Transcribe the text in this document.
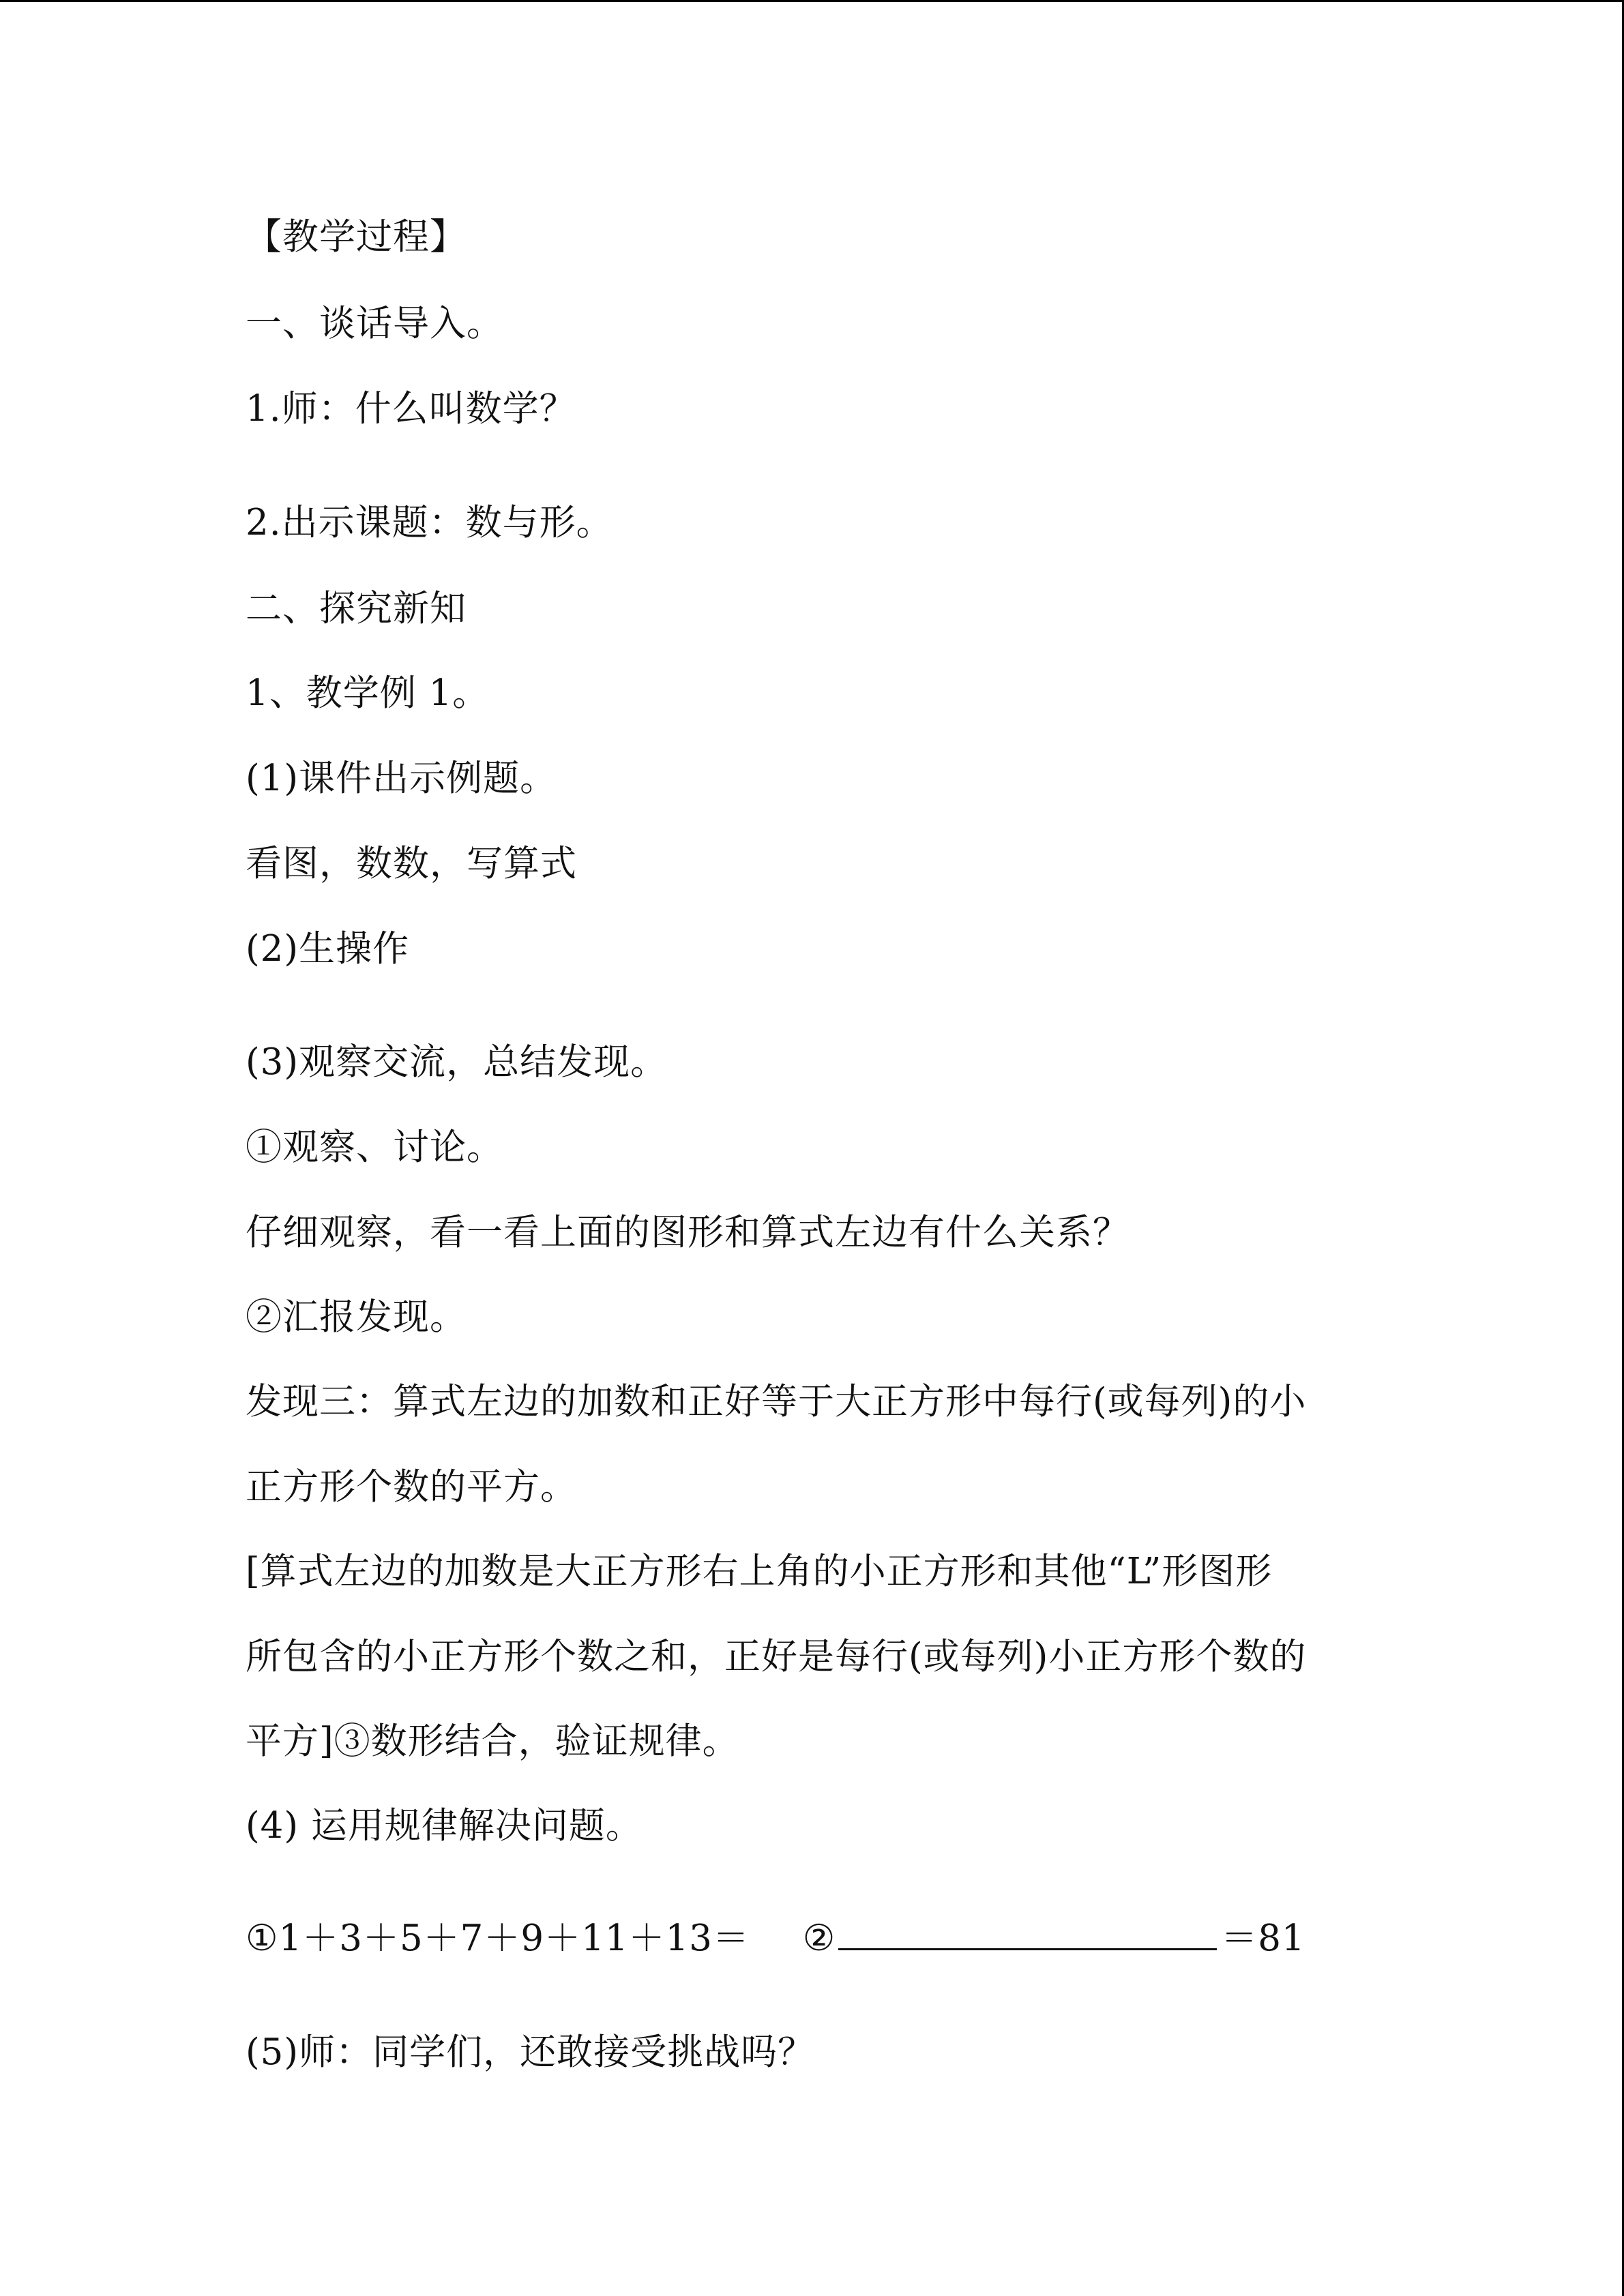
【教学过程】
一、谈话导入。
1.师：什么叫数学？
2.出示课题：数与形。
二、探究新知
1、教学例 1。
(1)课件出示例题。
看图，数数，写算式
(2)生操作
(3)观察交流，总结发现。
①观察、讨论。
仔细观察，看一看上面的图形和算式左边有什么关系？
②汇报发现。
发现三：算式左边的加数和正好等于大正方形中每行(或每列)的小
正方形个数的平方。
[算式左边的加数是大正方形右上角的小正方形和其他“L”形图形
所包含的小正方形个数之和，正好是每行(或每列)小正方形个数的
平方]③数形结合，验证规律。
(4) 运用规律解决问题。
①1＋3＋5＋7＋9＋11＋13＝ ②	＝81
(5)师：同学们，还敢接受挑战吗？
